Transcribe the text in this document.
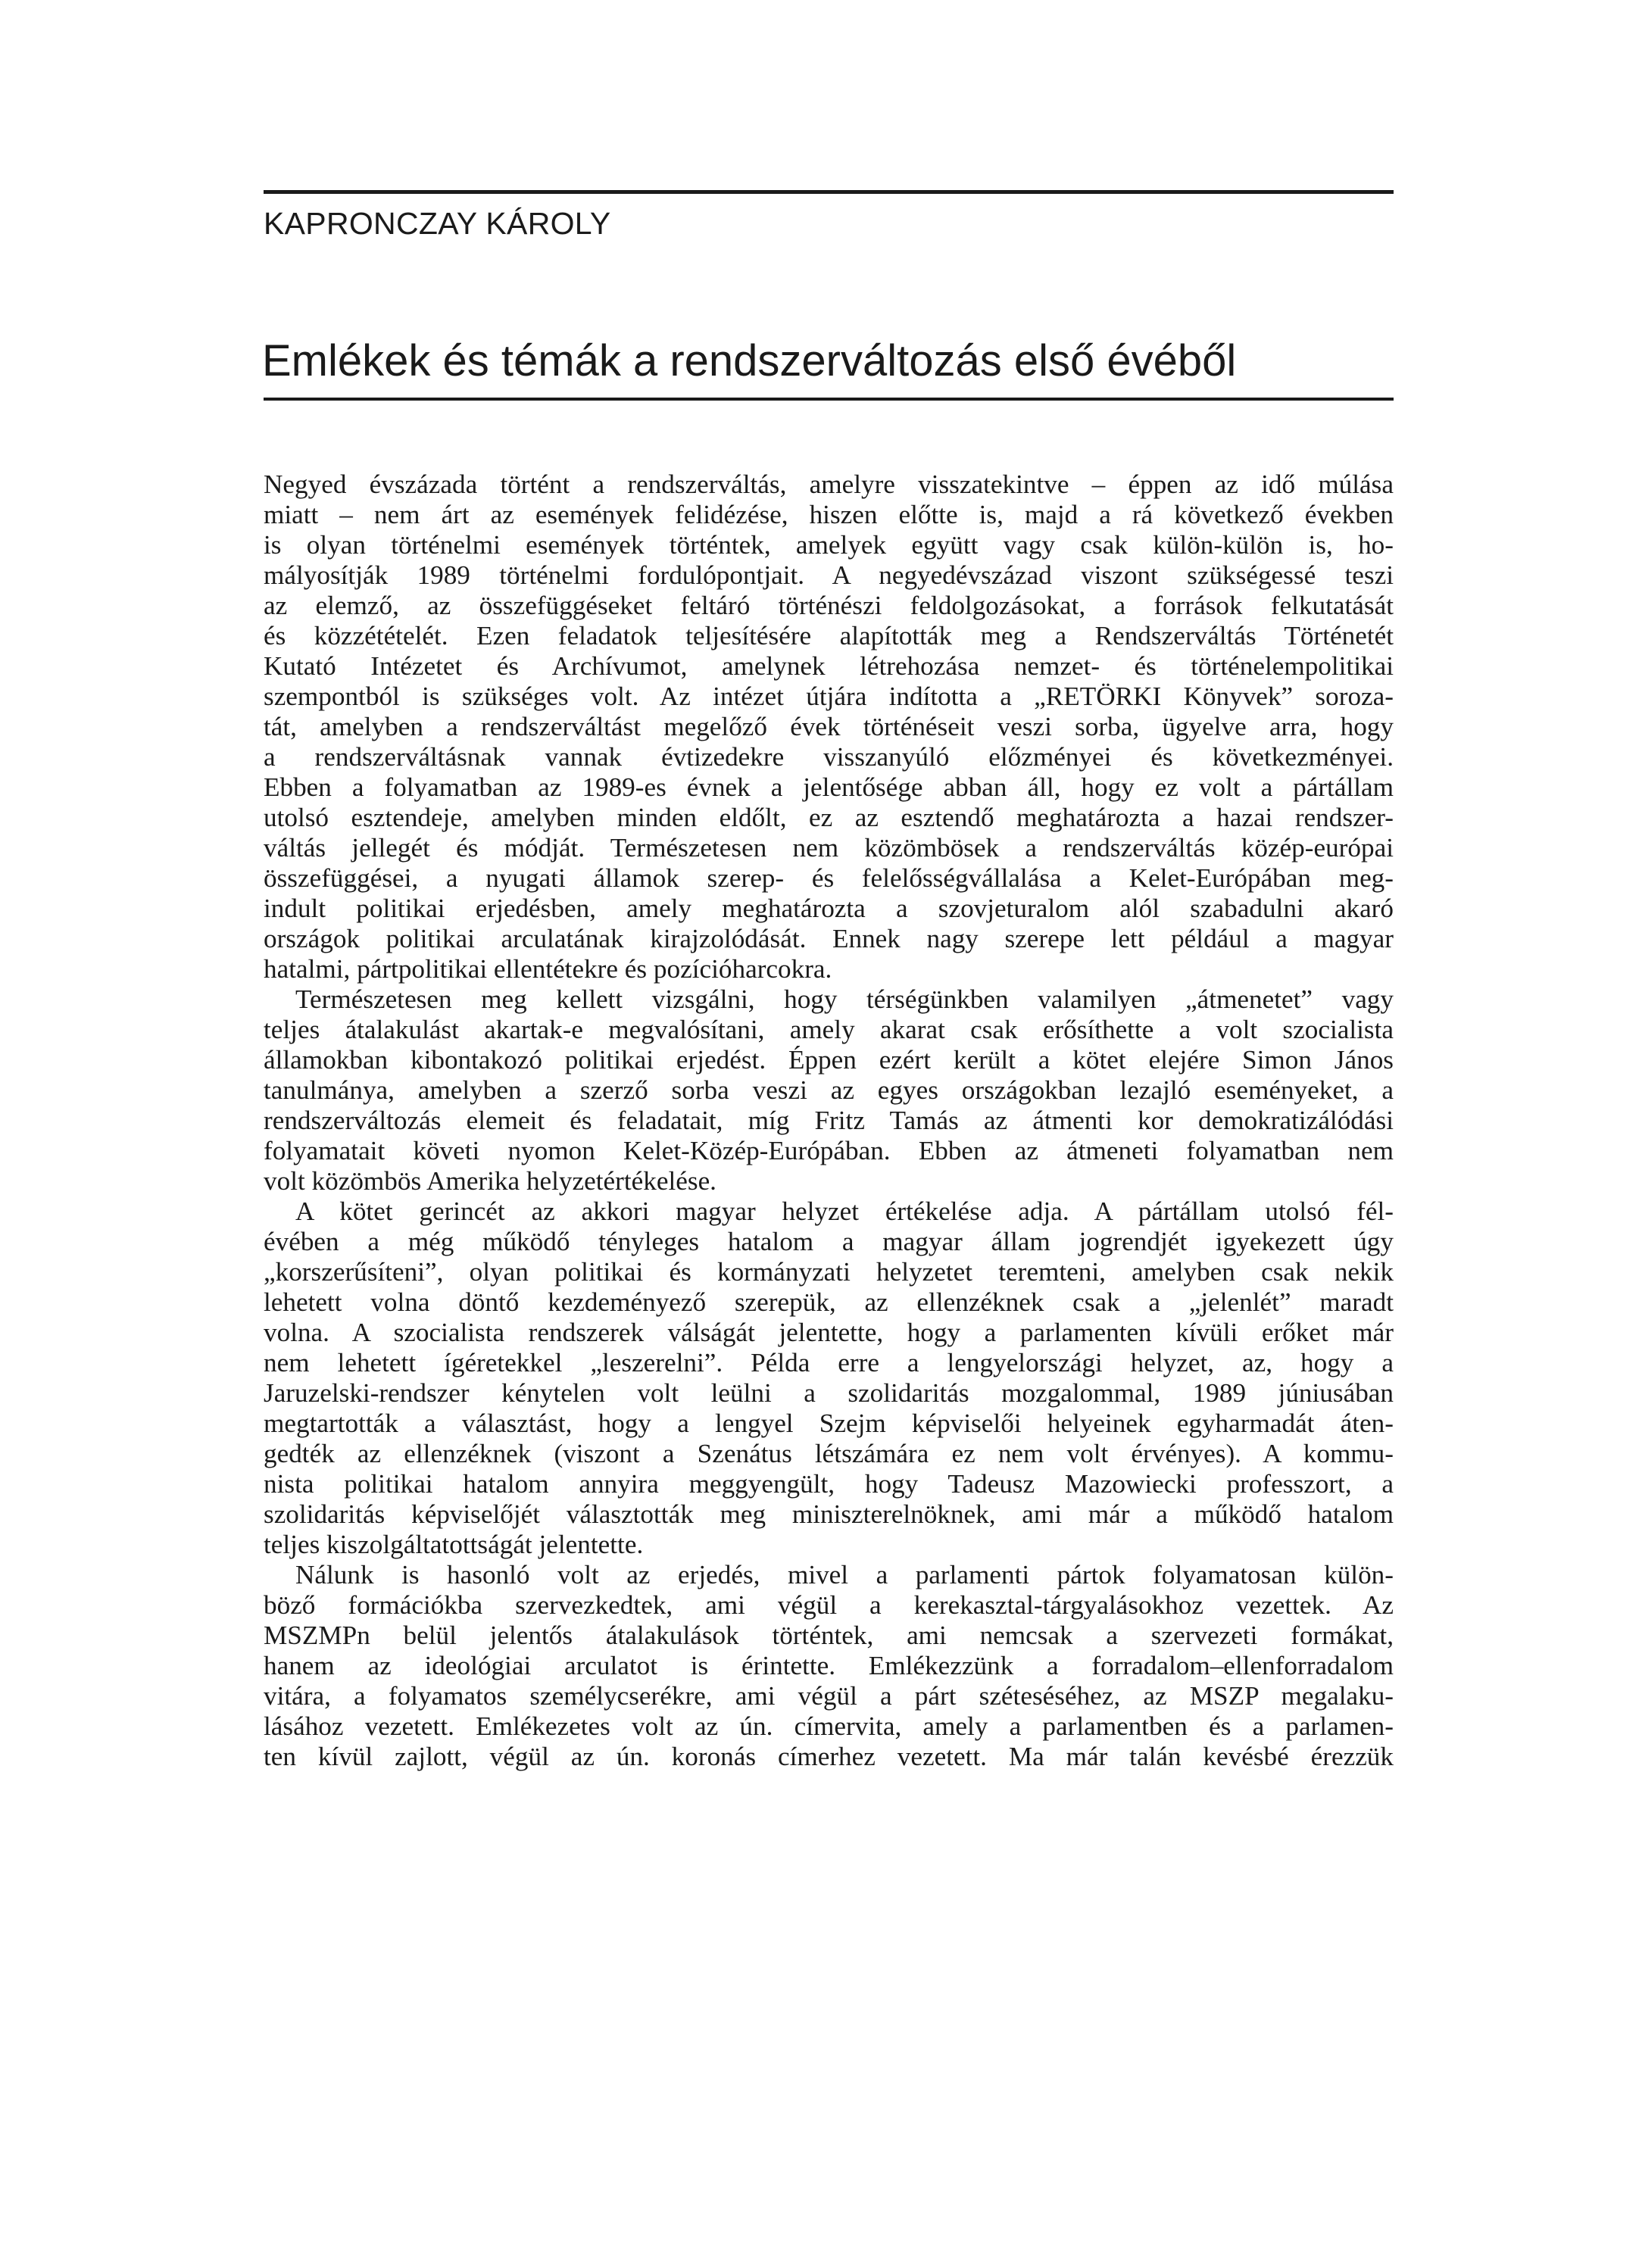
KAPRONCZAY KÁROLY
Emlékek és témák a rendszerváltozás első évéből

Negyed évszázada történt a rendszerváltás, amelyre visszatekintve – éppen az idő múlása
miatt – nem árt az események felidézése, hiszen előtte is, majd a rá következő években
is olyan történelmi események történtek, amelyek együtt vagy csak külön-külön is, ho-
mályosítják 1989 történelmi fordulópontjait. A negyedévszázad viszont szükségessé teszi
az elemző, az összefüggéseket feltáró történészi feldolgozásokat, a források felkutatását
és közzétételét. Ezen feladatok teljesítésére alapították meg a Rendszerváltás Történetét
Kutató Intézetet és Archívumot, amelynek létrehozása nemzet- és történelempolitikai
szempontból is szükséges volt. Az intézet útjára indította a „RETÖRKI Könyvek” soroza-
tát, amelyben a rendszerváltást megelőző évek történéseit veszi sorba, ügyelve arra, hogy
a rendszerváltásnak vannak évtizedekre visszanyúló előzményei és következményei.
Ebben a folyamatban az 1989-es évnek a jelentősége abban áll, hogy ez volt a pártállam
utolsó esztendeje, amelyben minden eldőlt, ez az esztendő meghatározta a hazai rendszer-
váltás jellegét és módját. Természetesen nem közömbösek a rendszerváltás közép-európai
összefüggései, a nyugati államok szerep- és felelősségvállalása a Kelet-Európában meg-
indult politikai erjedésben, amely meghatározta a szovjeturalom alól szabadulni akaró
országok politikai arculatának kirajzolódását. Ennek nagy szerepe lett például a magyar
hatalmi, pártpolitikai ellentétekre és pozícióharcokra.

Természetesen meg kellett vizsgálni, hogy térségünkben valamilyen „átmenetet” vagy
teljes átalakulást akartak-e megvalósítani, amely akarat csak erősíthette a volt szocialista
államokban kibontakozó politikai erjedést. Éppen ezért került a kötet elejére Simon János
tanulmánya, amelyben a szerző sorba veszi az egyes országokban lezajló eseményeket, a
rendszerváltozás elemeit és feladatait, míg Fritz Tamás az átmenti kor demokratizálódási
folyamatait követi nyomon Kelet-Közép-Európában. Ebben az átmeneti folyamatban nem
volt közömbös Amerika helyzetértékelése.

A kötet gerincét az akkori magyar helyzet értékelése adja. A pártállam utolsó fél-
évében a még működő tényleges hatalom a magyar állam jogrendjét igyekezett úgy
„korszerűsíteni”, olyan politikai és kormányzati helyzetet teremteni, amelyben csak nekik
lehetett volna döntő kezdeményező szerepük, az ellenzéknek csak a „jelenlét” maradt
volna. A szocialista rendszerek válságát jelentette, hogy a parlamenten kívüli erőket már
nem lehetett ígéretekkel „leszerelni”. Példa erre a lengyelországi helyzet, az, hogy a
Jaruzelski-rendszer kénytelen volt leülni a szolidaritás mozgalommal, 1989 júniusában
megtartották a választást, hogy a lengyel Szejm képviselői helyeinek egyharmadát áten-
gedték az ellenzéknek (viszont a Szenátus létszámára ez nem volt érvényes). A kommu-
nista politikai hatalom annyira meggyengült, hogy Tadeusz Mazowiecki professzort, a
szolidaritás képviselőjét választották meg miniszterelnöknek, ami már a működő hatalom
teljes kiszolgáltatottságát jelentette.

Nálunk is hasonló volt az erjedés, mivel a parlamenti pártok folyamatosan külön-
böző formációkba szervezkedtek, ami végül a kerekasztal-tárgyalásokhoz vezettek. Az
MSZMPn belül jelentős átalakulások történtek, ami nemcsak a szervezeti formákat,
hanem az ideológiai arculatot is érintette. Emlékezzünk a forradalom–ellenforradalom
vitára, a folyamatos személycserékre, ami végül a párt széteséséhez, az MSZP megalaku-
lásához vezetett. Emlékezetes volt az ún. címervita, amely a parlamentben és a parlamen-
ten kívül zajlott, végül az ún. koronás címerhez vezetett. Ma már talán kevésbé érezzük
